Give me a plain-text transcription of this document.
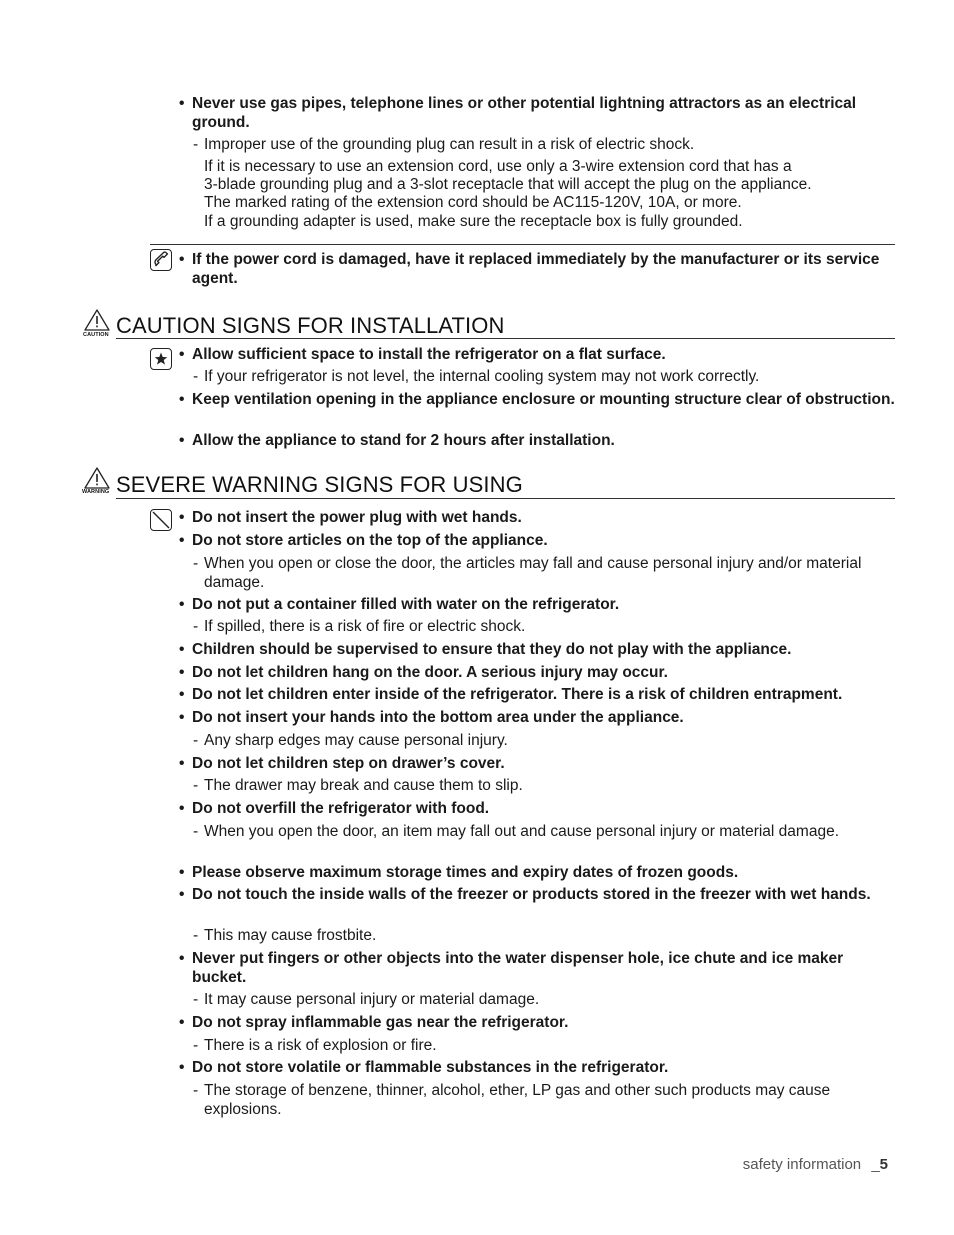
• Never use gas pipes, telephone lines or other potential lightning attractors as an electrical ground.
- Improper use of the grounding plug can result in a risk of electric shock.
If it is necessary to use an extension cord, use only a 3-wire extension cord that has a
3-blade grounding plug and a 3-slot receptacle that will accept the plug on the appliance.
The marked rating of the extension cord should be AC115-120V, 10A, or more.
If a grounding adapter is used, make sure the receptacle box is fully grounded.
• If the power cord is damaged, have it replaced immediately by the manufacturer or its service agent.
CAUTION CAUTION SIGNS FOR INSTALLATION
• Allow sufficient space to install the refrigerator on a flat surface.
- If your refrigerator is not level, the internal cooling system may not work correctly.
• Keep ventilation opening in the appliance enclosure or mounting structure clear of obstruction.
• Allow the appliance to stand for 2 hours after installation.
WARNING SEVERE WARNING SIGNS FOR USING
• Do not insert the power plug with wet hands.
• Do not store articles on the top of the appliance.
- When you open or close the door, the articles may fall and cause personal injury and/or material damage.
• Do not put a container filled with water on the refrigerator.
- If spilled, there is a risk of fire or electric shock.
• Children should be supervised to ensure that they do not play with the appliance.
• Do not let children hang on the door. A serious injury may occur.
• Do not let children enter inside of the refrigerator. There is a risk of children entrapment.
• Do not insert your hands into the bottom area under the appliance.
- Any sharp edges may cause personal injury.
• Do not let children step on drawer’s cover.
- The drawer may break and cause them to slip.
• Do not overfill the refrigerator with food.
- When you open the door, an item may fall out and cause personal injury or material damage.
• Please observe maximum storage times and expiry dates of frozen goods.
• Do not touch the inside walls of the freezer or products stored in the freezer with wet hands.
- This may cause frostbite.
• Never put fingers or other objects into the water dispenser hole, ice chute and ice maker bucket.
- It may cause personal injury or material damage.
• Do not spray inflammable gas near the refrigerator.
- There is a risk of explosion or fire.
• Do not store volatile or flammable substances in the refrigerator.
- The storage of benzene, thinner, alcohol, ether, LP gas and other such products may cause explosions.
safety information _5
